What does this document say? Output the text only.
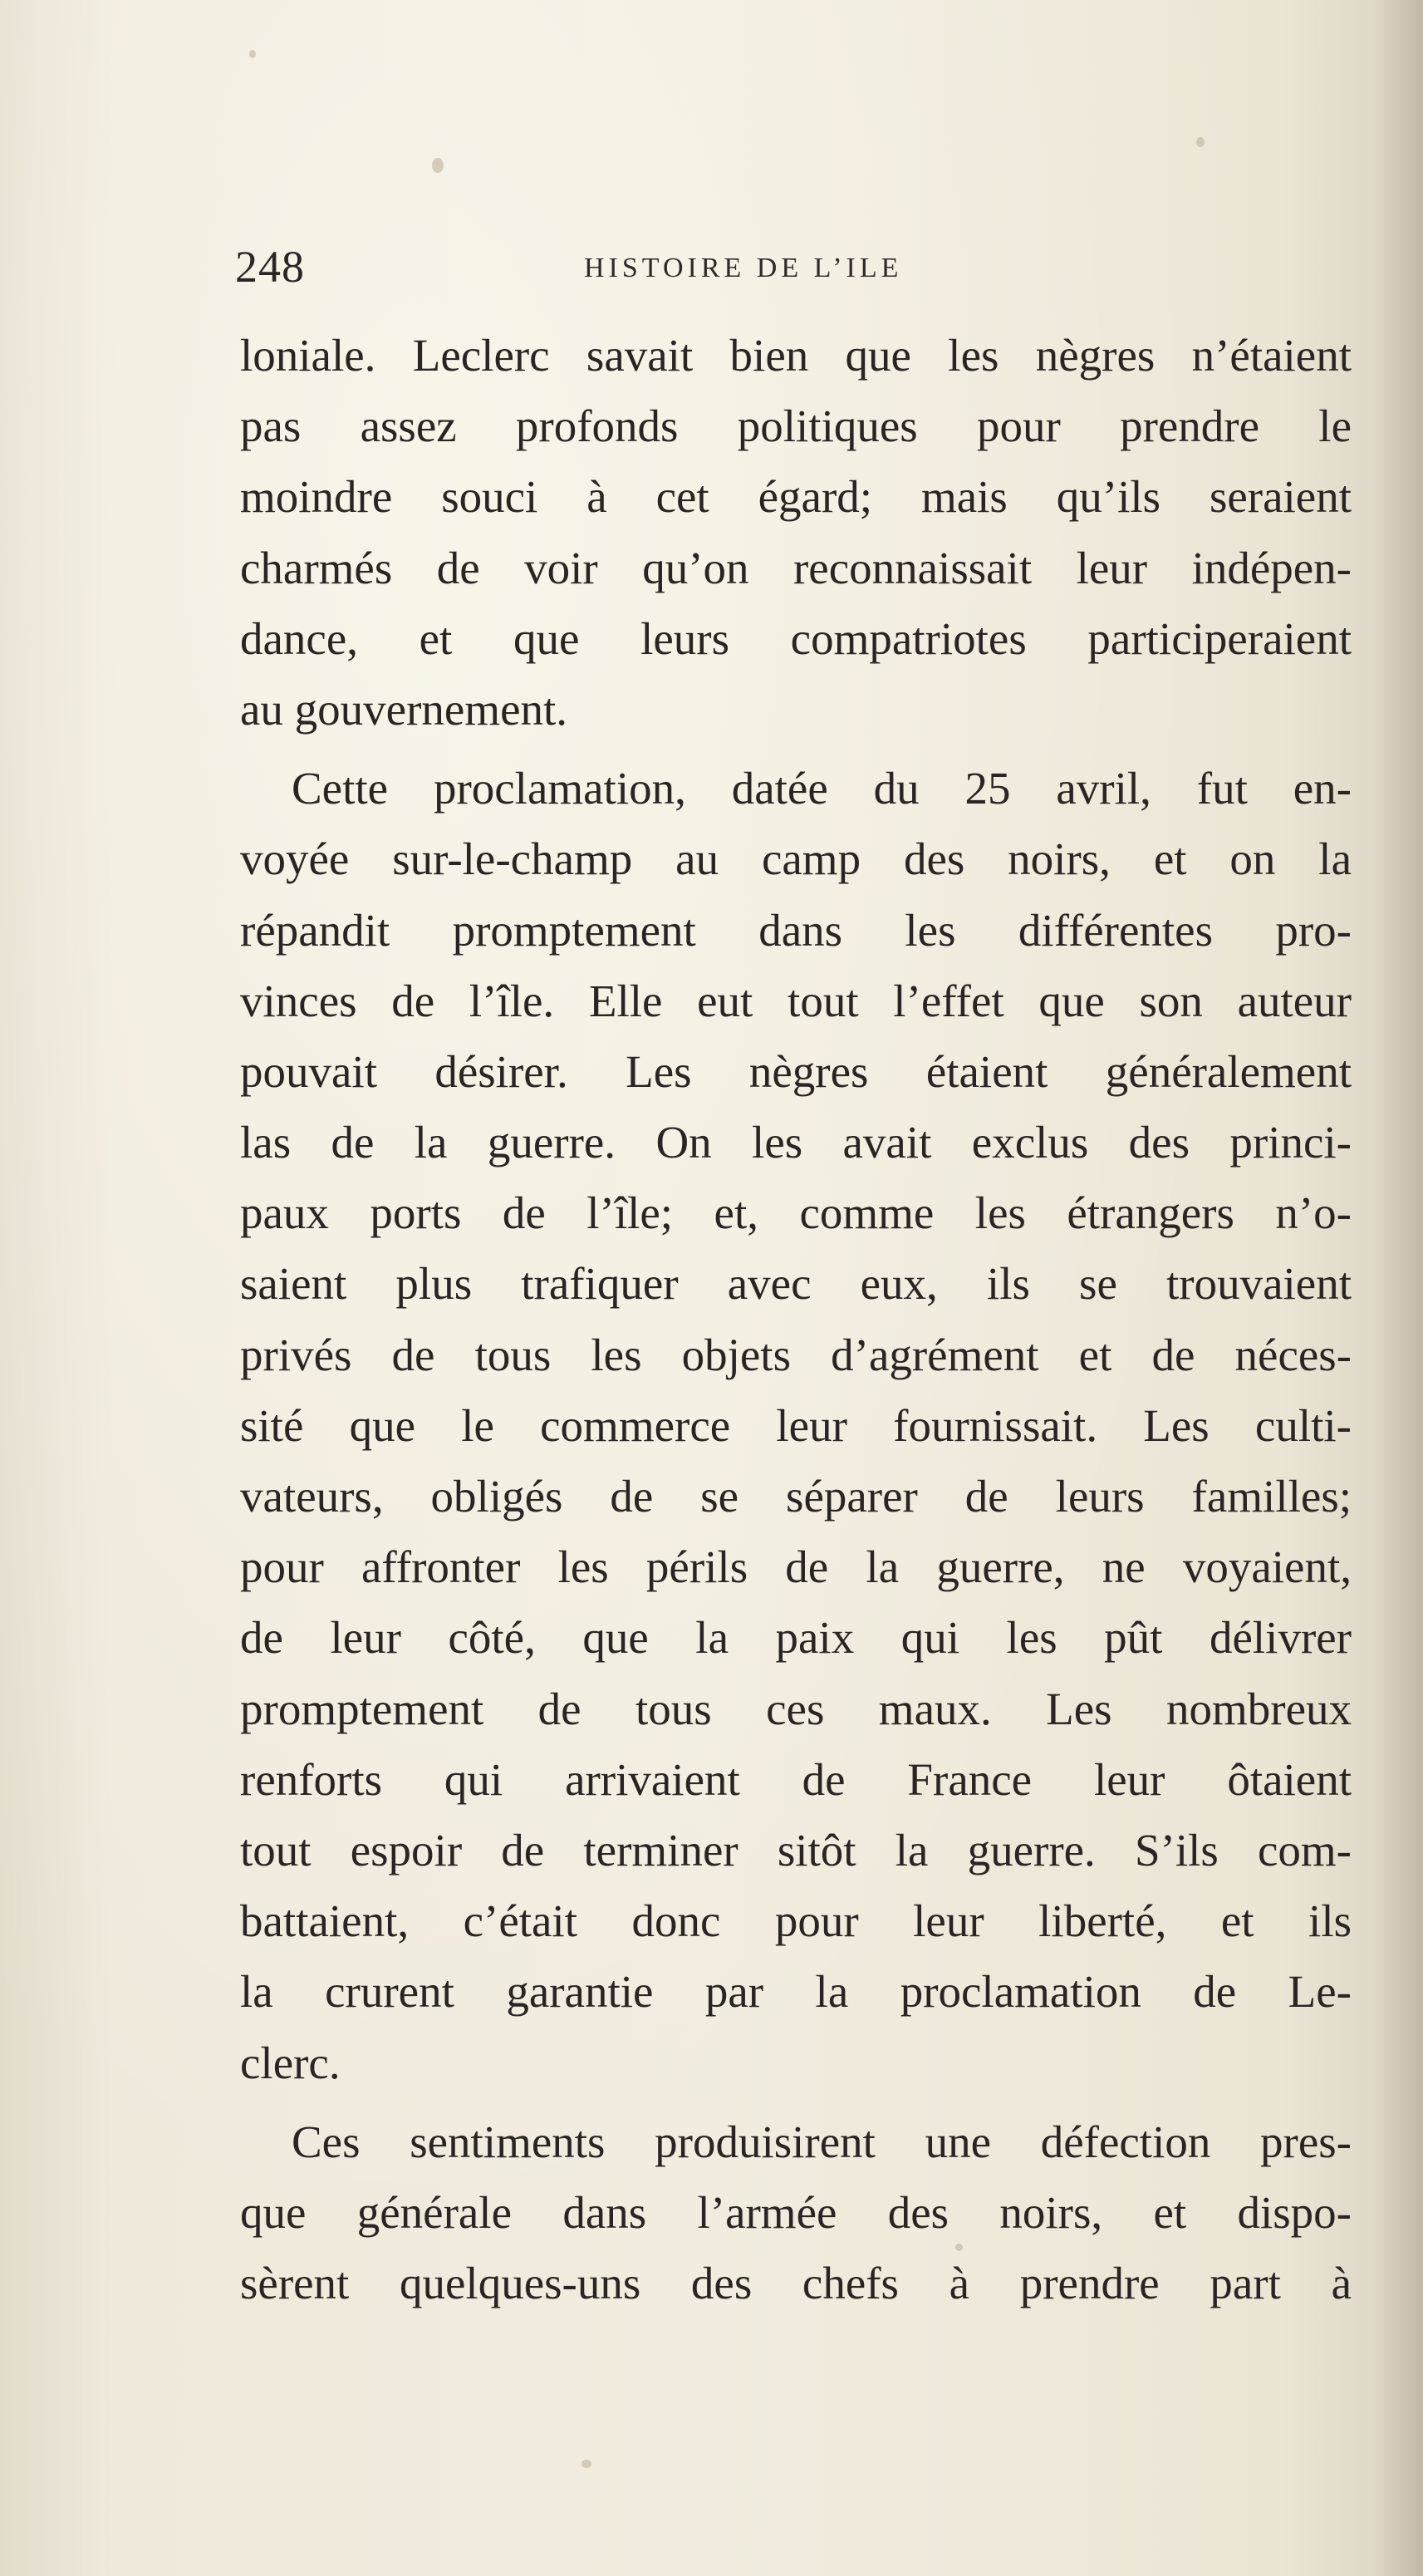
248	HISTOIRE DE L’ILE
loniale. Leclerc savait bien que les nègres n’étaient
pas assez profonds politiques pour prendre le
moindre souci à cet égard; mais qu’ils seraient
charmés de voir qu’on reconnaissait leur indépen-
dance, et que leurs compatriotes participeraient
au gouvernement.
Cette proclamation, datée du 25 avril, fut en-
voyée sur-le-champ au camp des noirs, et on la
répandit promptement dans les différentes pro-
vinces de l’île. Elle eut tout l’effet que son auteur
pouvait désirer. Les nègres étaient généralement
las de la guerre. On les avait exclus des princi-
paux ports de l’île; et, comme les étrangers n’o-
saient plus trafiquer avec eux, ils se trouvaient
privés de tous les objets d’agrément et de néces-
sité que le commerce leur fournissait. Les culti-
vateurs, obligés de se séparer de leurs familles;
pour affronter les périls de la guerre, ne voyaient,
de leur côté, que la paix qui les pût délivrer
promptement de tous ces maux. Les nombreux
renforts qui arrivaient de France leur ôtaient
tout espoir de terminer sitôt la guerre. S’ils com-
battaient, c’était donc pour leur liberté, et ils
la crurent garantie par la proclamation de Le-
clerc.
Ces sentiments produisirent une défection pres-
que générale dans l’armée des noirs, et dispo-
sèrent quelques-uns des chefs à prendre part à
